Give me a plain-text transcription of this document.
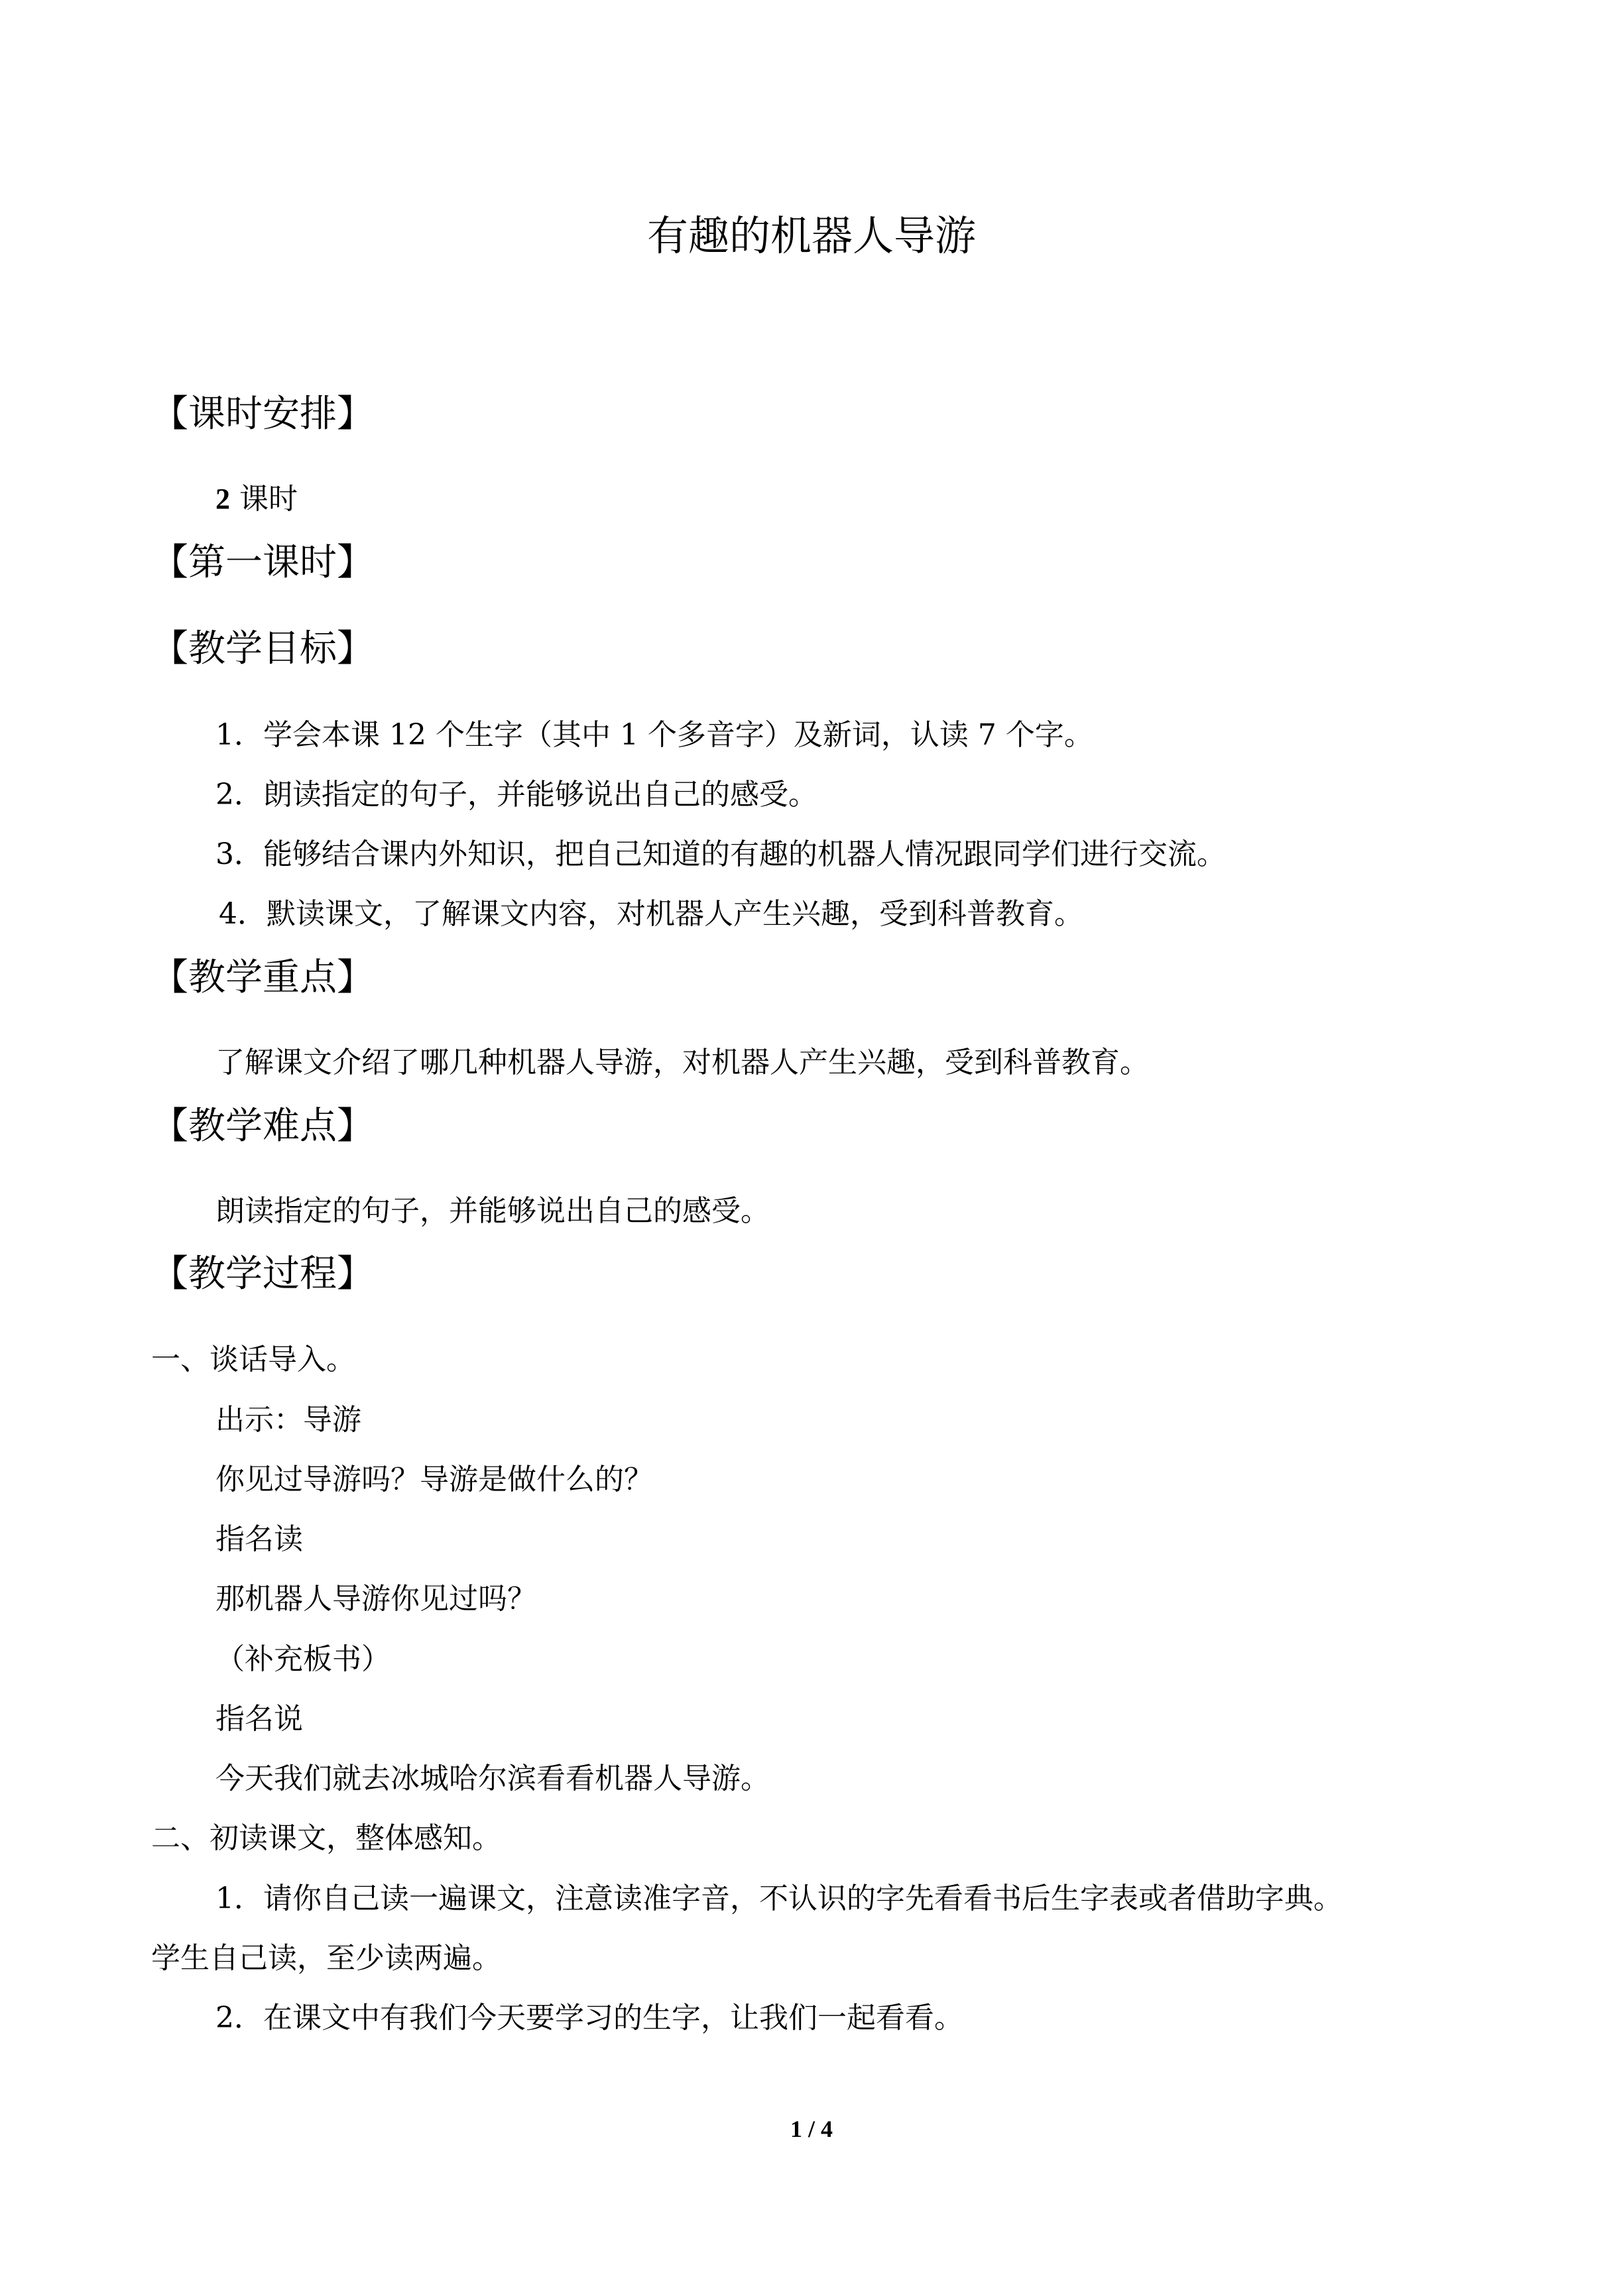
有趣的机器人导游
【课时安排】
2 课时
【第一课时】
【教学目标】
1．学会本课 12 个生字（其中 1 个多音字）及新词，认读 7 个字。
2．朗读指定的句子，并能够说出自己的感受。
3．能够结合课内外知识，把自己知道的有趣的机器人情况跟同学们进行交流。
4．默读课文，了解课文内容，对机器人产生兴趣，受到科普教育。
【教学重点】
了解课文介绍了哪几种机器人导游，对机器人产生兴趣，受到科普教育。
【教学难点】
朗读指定的句子，并能够说出自己的感受。
【教学过程】
一、谈话导入。
出示：导游
你见过导游吗？导游是做什么的？
指名读
那机器人导游你见过吗？
（补充板书）
指名说
今天我们就去冰城哈尔滨看看机器人导游。
二、初读课文，整体感知。
1．请你自己读一遍课文，注意读准字音，不认识的字先看看书后生字表或者借助字典。
学生自己读，至少读两遍。
2．在课文中有我们今天要学习的生字，让我们一起看看。
1 / 4
